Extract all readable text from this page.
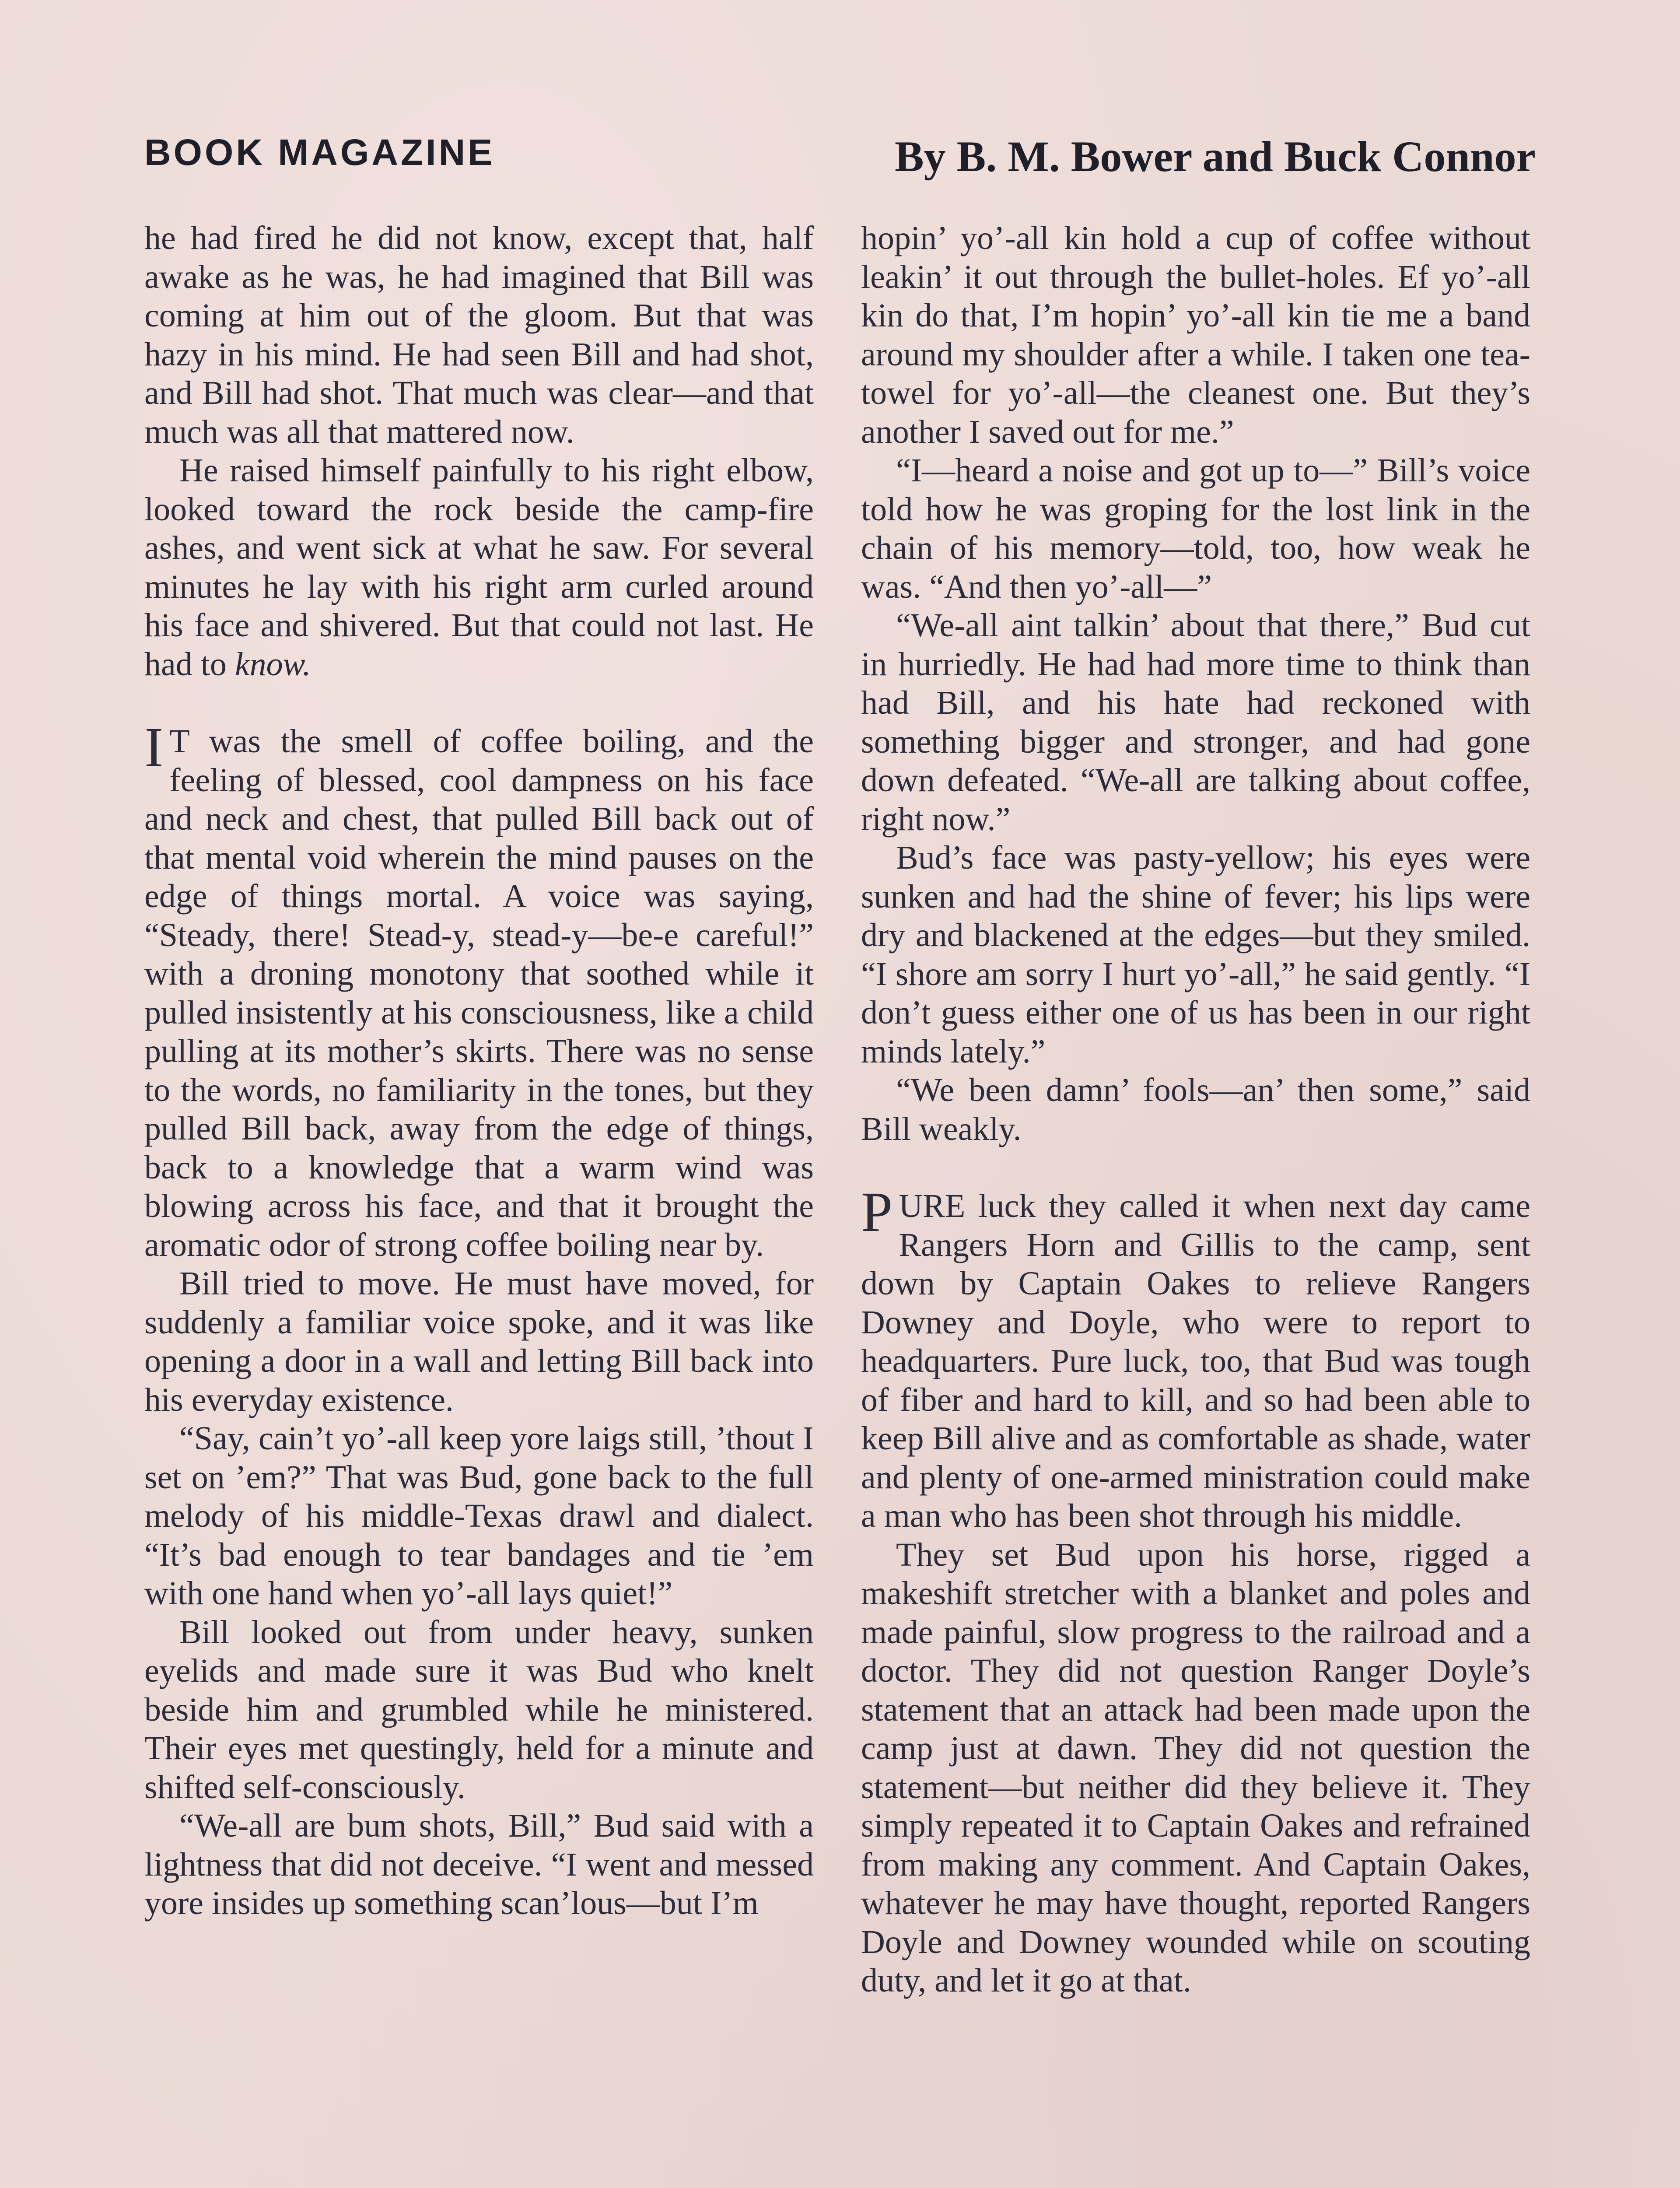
BOOK MAGAZINE	By B. M. Bower and Buck Connor

he had fired he did not know, except that, half awake as he was, he had imagined that Bill was coming at him out of the gloom. But that was hazy in his mind. He had seen Bill and had shot, and Bill had shot. That much was clear—and that much was all that mattered now.

He raised himself painfully to his right elbow, looked toward the rock beside the camp-fire ashes, and went sick at what he saw. For several minutes he lay with his right arm curled around his face and shivered. But that could not last. He had to know.

I T was the smell of coffee boiling, and the feeling of blessed, cool dampness on his face and neck and chest, that pulled Bill back out of that mental void wherein the mind pauses on the edge of things mortal. A voice was saying, “Steady, there! Stead-y, stead-y—be-e careful!” with a droning monotony that soothed while it pulled insistently at his consciousness, like a child pulling at its mother’s skirts. There was no sense to the words, no familiarity in the tones, but they pulled Bill back, away from the edge of things, back to a knowledge that a warm wind was blowing across his face, and that it brought the aromatic odor of strong coffee boiling near by.

Bill tried to move. He must have moved, for suddenly a familiar voice spoke, and it was like opening a door in a wall and letting Bill back into his everyday existence.

“Say, cain’t yo’-all keep yore laigs still, ’thout I set on ’em?” That was Bud, gone back to the full melody of his middle-Texas drawl and dialect. “It’s bad enough to tear bandages and tie ’em with one hand when yo’-all lays quiet!”

Bill looked out from under heavy, sunken eyelids and made sure it was Bud who knelt beside him and grumbled while he ministered. Their eyes met questingly, held for a minute and shifted self-consciously.

“We-all are bum shots, Bill,” Bud said with a lightness that did not deceive. “I went and messed yore insides up something scan’lous—but I’m

hopin’ yo’-all kin hold a cup of coffee without leakin’ it out through the bullet-holes. Ef yo’-all kin do that, I’m hopin’ yo’-all kin tie me a band around my shoulder after a while. I taken one tea-towel for yo’-all—the cleanest one. But they’s another I saved out for me.”

“I—heard a noise and got up to—” Bill’s voice told how he was groping for the lost link in the chain of his memory—told, too, how weak he was. “And then yo’-all—”

“We-all aint talkin’ about that there,” Bud cut in hurriedly. He had had more time to think than had Bill, and his hate had reckoned with something bigger and stronger, and had gone down defeated. “We-all are talking about coffee, right now.”

Bud’s face was pasty-yellow; his eyes were sunken and had the shine of fever; his lips were dry and blackened at the edges—but they smiled. “I shore am sorry I hurt yo’-all,” he said gently. “I don’t guess either one of us has been in our right minds lately.”

“We been damn’ fools—an’ then some,” said Bill weakly.

PURE luck they called it when next day came Rangers Horn and Gillis to the camp, sent down by Captain Oakes to relieve Rangers Downey and Doyle, who were to report to headquarters. Pure luck, too, that Bud was tough of fiber and hard to kill, and so had been able to keep Bill alive and as comfortable as shade, water and plenty of one-armed ministration could make a man who has been shot through his middle.

They set Bud upon his horse, rigged a makeshift stretcher with a blanket and poles and made painful, slow progress to the railroad and a doctor. They did not question Ranger Doyle’s statement that an attack had been made upon the camp just at dawn. They did not question the statement—but neither did they believe it. They simply repeated it to Captain Oakes and refrained from making any comment. And Captain Oakes, whatever he may have thought, reported Rangers Doyle and Downey wounded while on scouting duty, and let it go at that.
